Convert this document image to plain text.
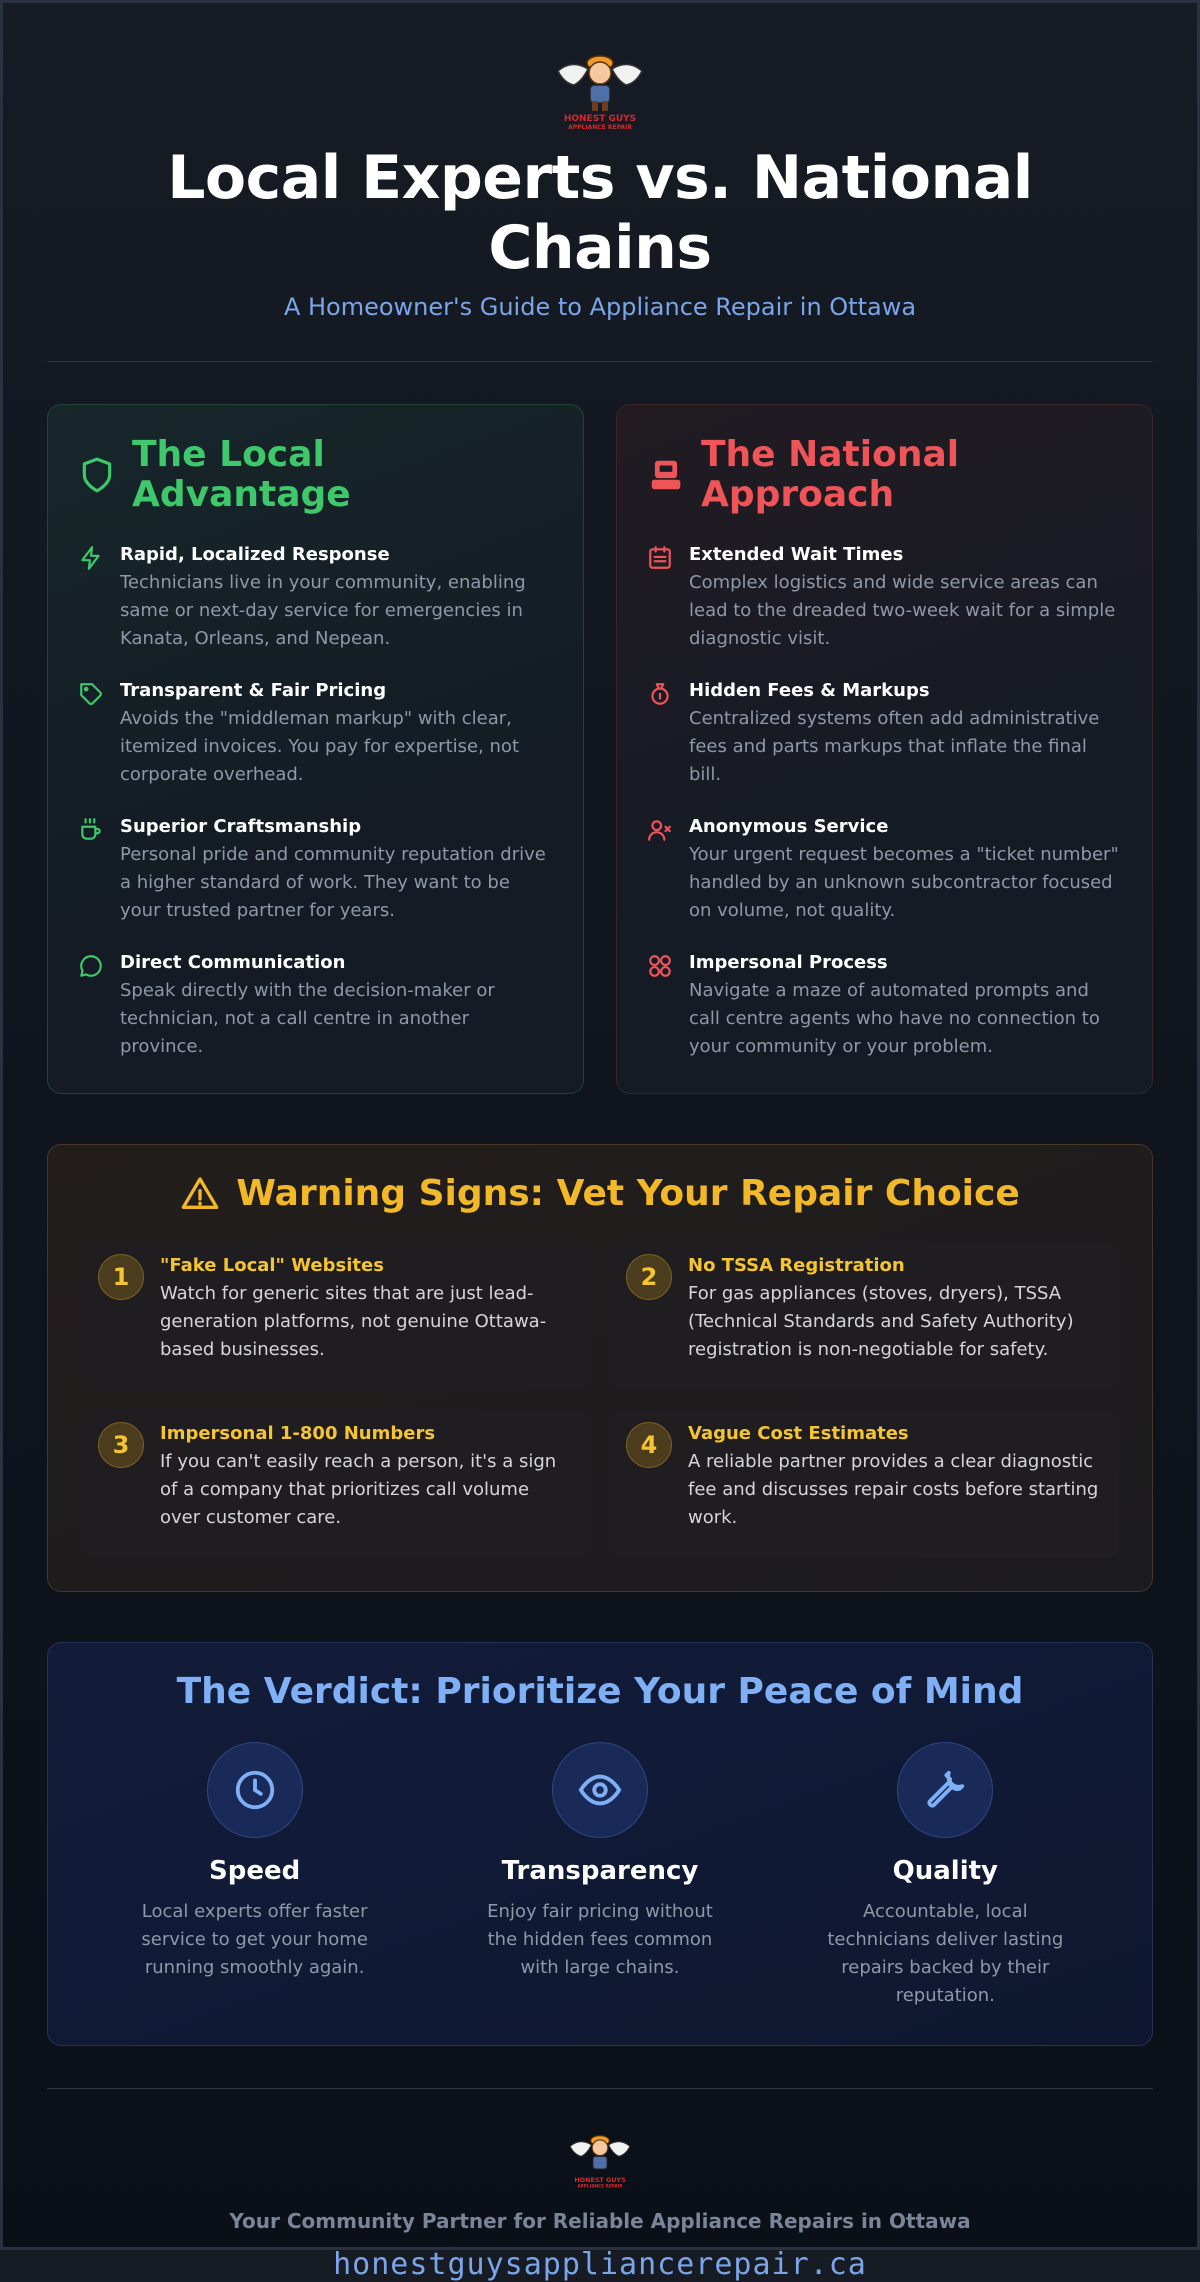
HONEST GUYS
APPLIANCE REPAIR
Local Experts vs. National Chains
A Homeowner's Guide to Appliance Repair in Ottawa
The Local Advantage
Rapid, Localized Response
Technicians live in your community, enabling same or next-day service for emergencies in Kanata, Orleans, and Nepean.
Transparent & Fair Pricing
Avoids the "middleman markup" with clear, itemized invoices. You pay for expertise, not corporate overhead.
Superior Craftsmanship
Personal pride and community reputation drive a higher standard of work. They want to be your trusted partner for years.
Direct Communication
Speak directly with the decision-maker or technician, not a call centre in another province.
The National Approach
Extended Wait Times
Complex logistics and wide service areas can lead to the dreaded two-week wait for a simple diagnostic visit.
Hidden Fees & Markups
Centralized systems often add administrative fees and parts markups that inflate the final bill.
Anonymous Service
Your urgent request becomes a "ticket number" handled by an unknown subcontractor focused on volume, not quality.
Impersonal Process
Navigate a maze of automated prompts and call centre agents who have no connection to your community or your problem.
Warning Signs: Vet Your Repair Choice
1	"Fake Local" Websites
Watch for generic sites that are just lead-generation platforms, not genuine Ottawa-based businesses.
2	No TSSA Registration
For gas appliances (stoves, dryers), TSSA (Technical Standards and Safety Authority) registration is non-negotiable for safety.
3	Impersonal 1-800 Numbers
If you can't easily reach a person, it's a sign of a company that prioritizes call volume over customer care.
4	Vague Cost Estimates
A reliable partner provides a clear diagnostic fee and discusses repair costs before starting work.
The Verdict: Prioritize Your Peace of Mind
Speed
Local experts offer faster service to get your home running smoothly again.
Transparency
Enjoy fair pricing without the hidden fees common with large chains.
Quality
Accountable, local technicians deliver lasting repairs backed by their reputation.
HONEST GUYS
APPLIANCE REPAIR
Your Community Partner for Reliable Appliance Repairs in Ottawa
honestguysappliancerepair.ca
